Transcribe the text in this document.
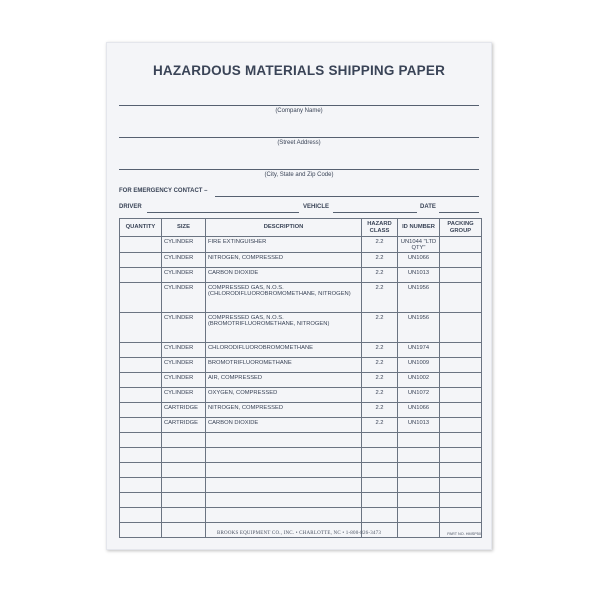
HAZARDOUS MATERIALS SHIPPING PAPER
(Company Name)
(Street Address)
(City, State and Zip Code)
FOR EMERGENCY CONTACT –
DRIVER	VEHICLE	DATE
QUANTITY	SIZE	DESCRIPTION	HAZARD CLASS	ID NUMBER	PACKING GROUP
	CYLINDER	FIRE EXTINGUISHER	2.2	UN1044 "LTD QTY"	
	CYLINDER	NITROGEN, COMPRESSED	2.2	UN1066	
	CYLINDER	CARBON DIOXIDE	2.2	UN1013	
	CYLINDER	COMPRESSED GAS, N.O.S. (CHLORODIFLUOROBROMOMETHANE, NITROGEN)	2.2	UN1956	
	CYLINDER	COMPRESSED GAS, N.O.S. (BROMOTRIFLUOROMETHANE, NITROGEN)	2.2	UN1956	
	CYLINDER	CHLORODIFLUOROBROMOMETHANE	2.2	UN1974	
	CYLINDER	BROMOTRIFLUOROMETHANE	2.2	UN1009	
	CYLINDER	AIR, COMPRESSED	2.2	UN1002	
	CYLINDER	OXYGEN, COMPRESSED	2.2	UN1072	
	CARTRIDGE	NITROGEN, COMPRESSED	2.2	UN1066	
	CARTRIDGE	CARBON DIOXIDE	2.2	UN1013	

BROOKS EQUIPMENT CO., INC. • CHARLOTTE, NC • 1-800-826-3473	PART NO. HMSP50
